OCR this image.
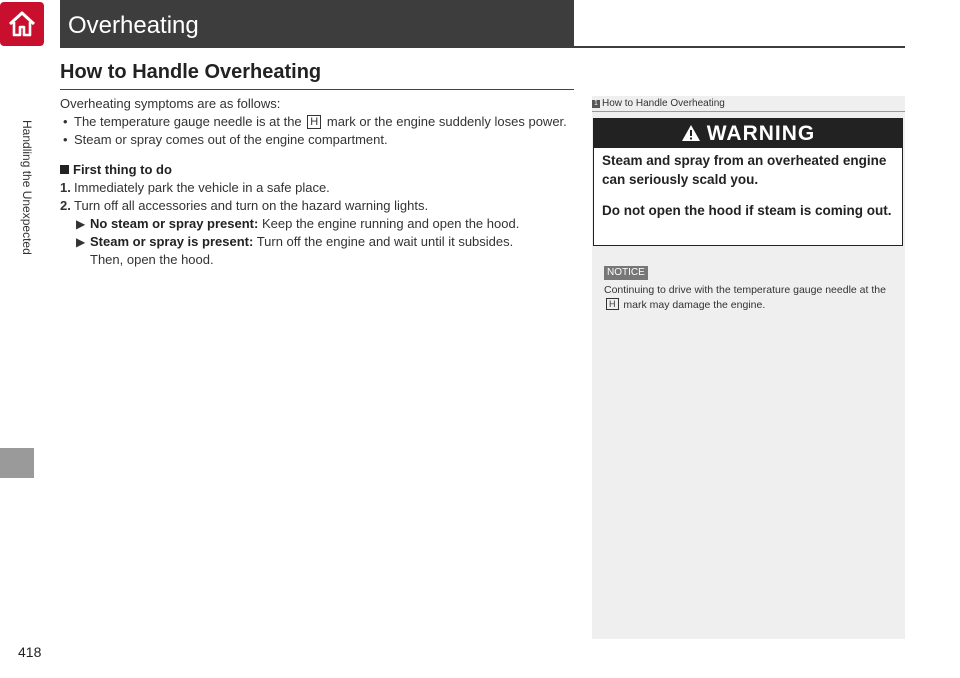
Handling the Unexpected
418
Overheating
How to Handle Overheating

Overheating symptoms are as follows:

• The temperature gauge needle is at the H mark or the engine suddenly loses power.

• Steam or spray comes out of the engine compartment.

First thing to do

1. Immediately park the vehicle in a safe place.

2. Turn off all accessories and turn on the hazard warning lights.

▶ No steam or spray present: Keep the engine running and open the hood.

▶ Steam or spray is present: Turn off the engine and wait until it subsides.

Then, open the hood.

1 How to Handle Overheating
WARNING

Steam and spray from an overheated engine can seriously scald you.

Do not open the hood if steam is coming out.

NOTICE

Continuing to drive with the temperature gauge needle at the H mark may damage the engine.
